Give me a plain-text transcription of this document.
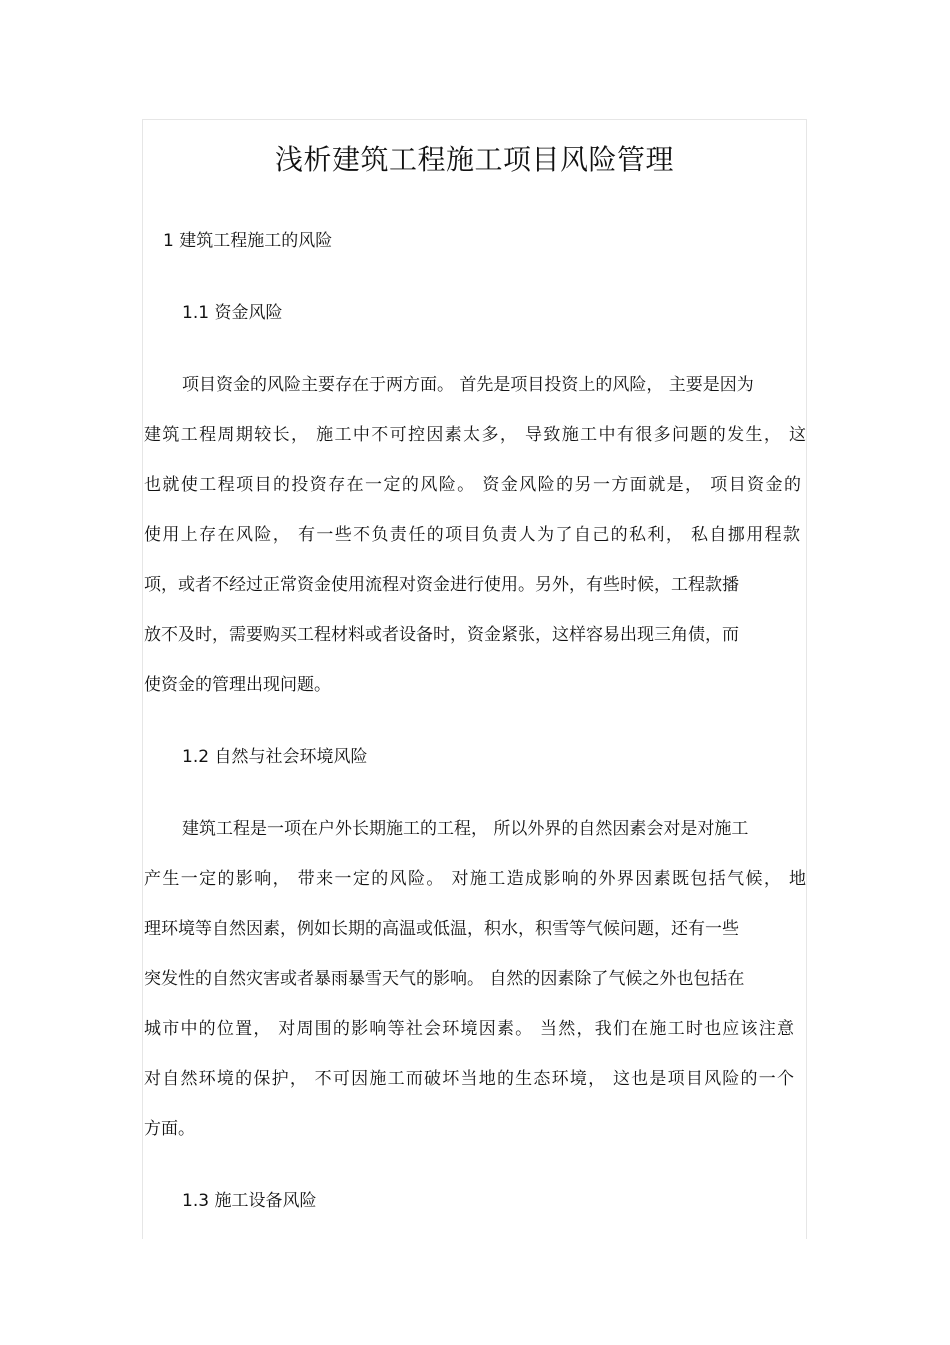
浅析建筑工程施工项目风险管理
1 建筑工程施工的风险
1.1 资金风险
项目资金的风险主要存在于两方面。 首先是项目投资上的风险， 主要是因为
建筑工程周期较长， 施工中不可控因素太多， 导致施工中有很多问题的发生， 这
也就使工程项目的投资存在一定的风险。 资金风险的另一方面就是， 项目资金的
使用上存在风险， 有一些不负责任的项目负责人为了自己的私利， 私自挪用程款
项，或者不经过正常资金使用流程对资金进行使用。另外，有些时候，工程款播
放不及时，需要购买工程材料或者设备时，资金紧张，这样容易出现三角债，而
使资金的管理出现问题。
1.2 自然与社会环境风险
建筑工程是一项在户外长期施工的工程， 所以外界的自然因素会对是对施工
产生一定的影响， 带来一定的风险。 对施工造成影响的外界因素既包括气候， 地
理环境等自然因素，例如长期的高温或低温，积水，积雪等气候问题，还有一些
突发性的自然灾害或者暴雨暴雪天气的影响。 自然的因素除了气候之外也包括在
城市中的位置， 对周围的影响等社会环境因素。 当然，我们在施工时也应该注意
对自然环境的保护， 不可因施工而破坏当地的生态环境， 这也是项目风险的一个
方面。
1.3 施工设备风险
